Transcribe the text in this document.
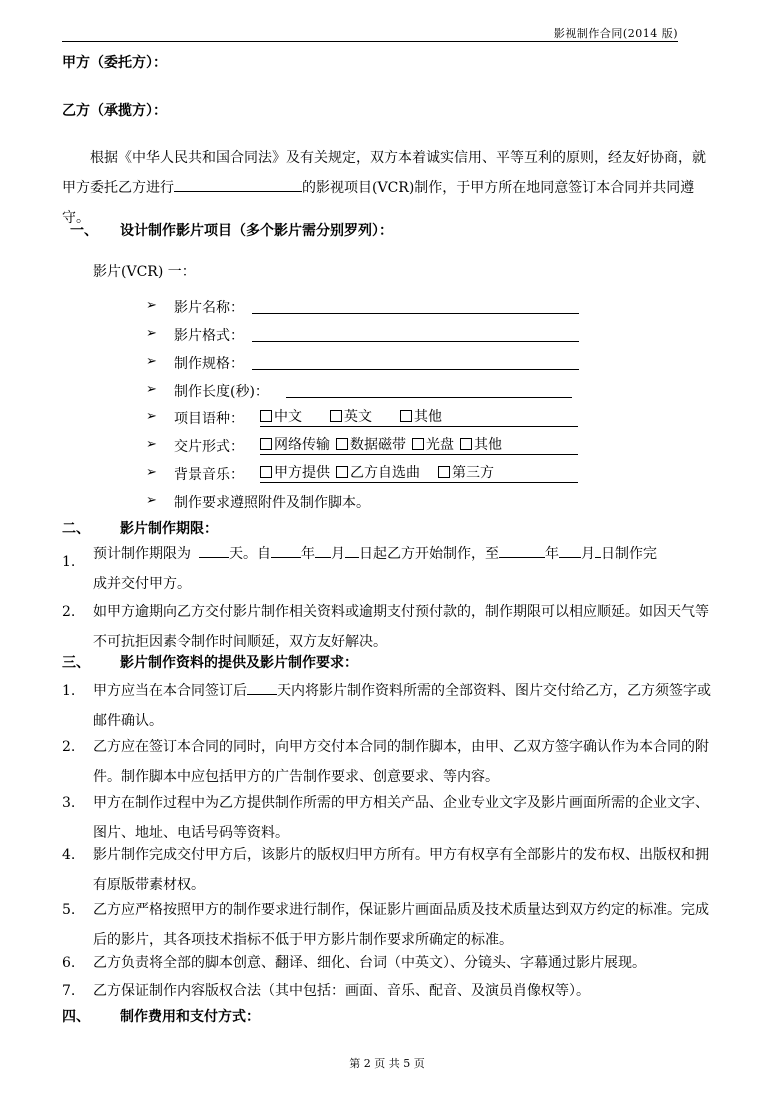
影视制作合同(2014 版)
甲方（委托方）：
乙方（承揽方）：
根据《中华人民共和国合同法》及有关规定，双方本着诚实信用、平等互利的原则，经友好协商，就甲方委托乙方进行	的影视项目(VCR)制作，于甲方所在地同意签订本合同并共同遵守。
一、 设计制作影片项目（多个影片需分别罗列）：
影片(VCR) 一：
➢ 影片名称：
➢ 影片格式：
➢ 制作规格：
➢ 制作长度(秒)：
➢ 项目语种：	中文	英文	其他
➢ 交片形式：	网络传输 数据磁带 光盘 其他
➢ 背景音乐：	甲方提供 乙方自选曲 第三方
➢ 制作要求遵照附件及制作脚本。
二、 影片制作期限：
1. 预计制作期限为	天。自 年 月 日起乙方开始制作，至	年 月 日制作完
成并交付甲方。
2. 如甲方逾期向乙方交付影片制作相关资料或逾期支付预付款的，制作期限可以相应顺延。如因天气等不可抗拒因素令制作时间顺延，双方友好解决。
三、 影片制作资料的提供及影片制作要求：
1. 甲方应当在本合同签订后 天内将影片制作资料所需的全部资料、图片交付给乙方，乙方须签字或邮件确认。
2. 乙方应在签订本合同的同时，向甲方交付本合同的制作脚本，由甲、乙双方签字确认作为本合同的附件。制作脚本中应包括甲方的广告制作要求、创意要求、等内容。
3. 甲方在制作过程中为乙方提供制作所需的甲方相关产品、企业专业文字及影片画面所需的企业文字、图片、地址、电话号码等资料。
4. 影片制作完成交付甲方后，该影片的版权归甲方所有。甲方有权享有全部影片的发布权、出版权和拥有原版带素材权。
5. 乙方应严格按照甲方的制作要求进行制作，保证影片画面品质及技术质量达到双方约定的标准。完成后的影片，其各项技术指标不低于甲方影片制作要求所确定的标准。
6. 乙方负责将全部的脚本创意、翻译、细化、台词（中英文）、分镜头、字幕通过影片展现。
7. 乙方保证制作内容版权合法（其中包括：画面、音乐、配音、及演员肖像权等）。
四、 制作费用和支付方式：
第 2 页 共 5 页
